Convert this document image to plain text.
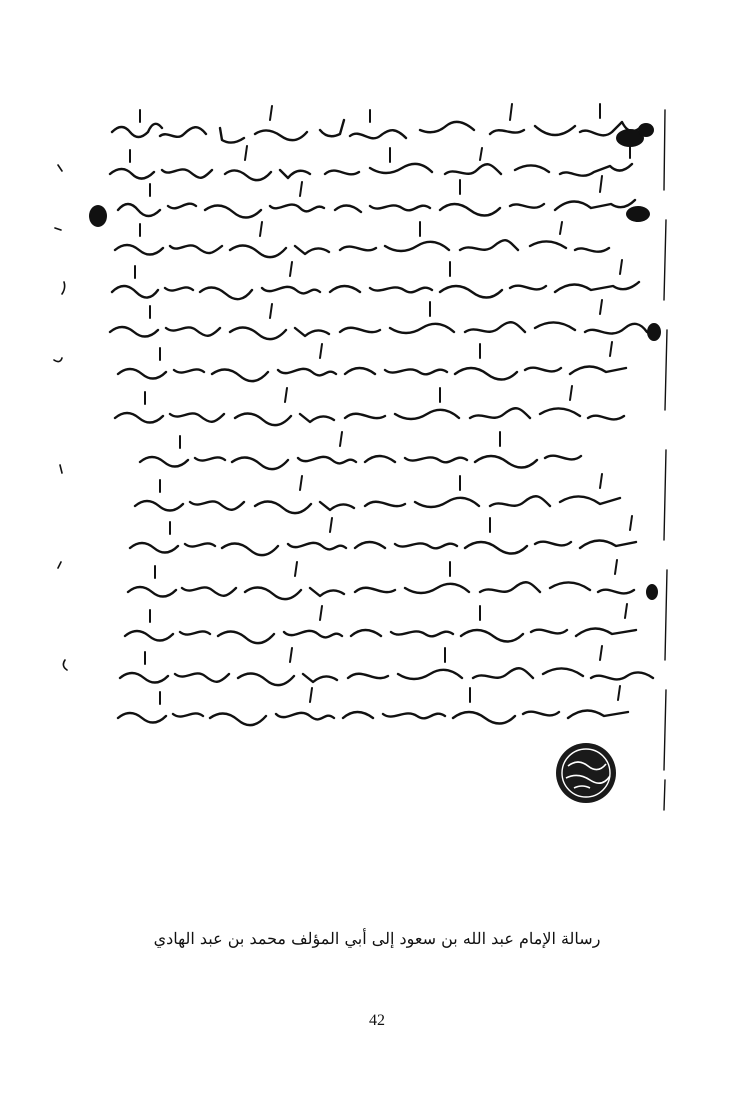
رسالة الإمام عبد الله بن سعود إلى أبي المؤلف محمد بن عبد الهادي
42
